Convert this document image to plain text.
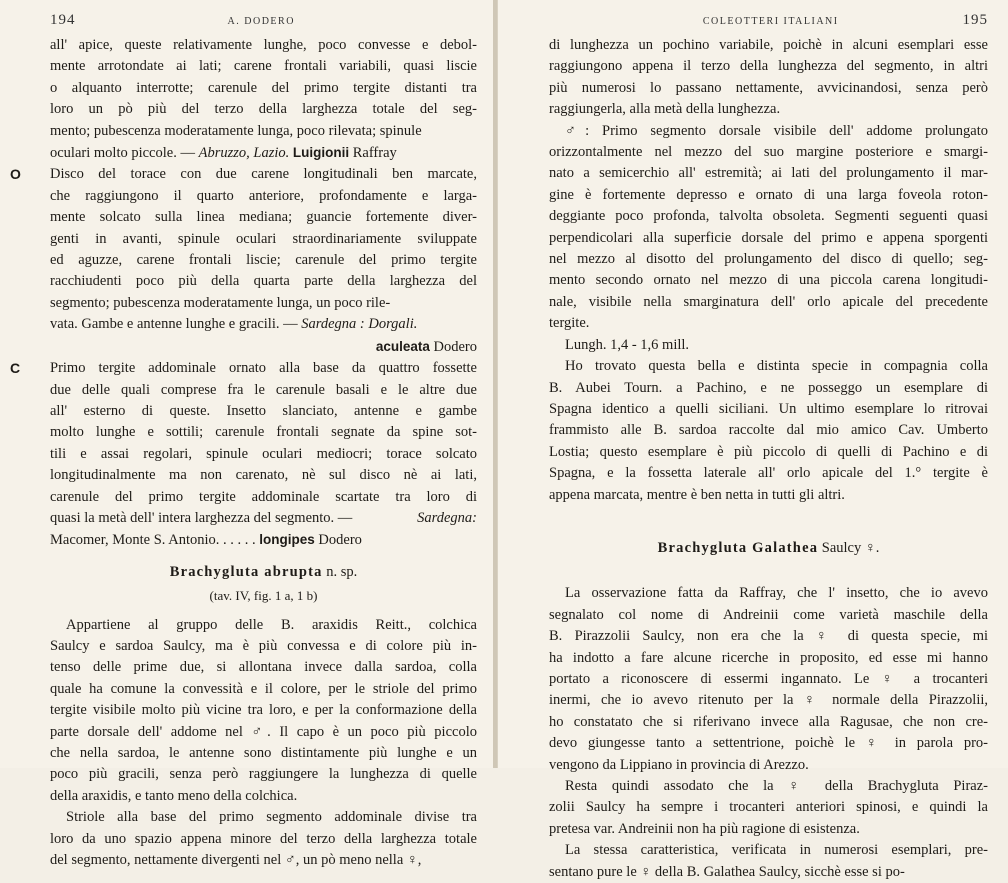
194	A. DODERO

all' apice, queste relativamente lunghe, poco convesse e debol-

mente arrotondate ai lati; carene frontali variabili, quasi liscie

o alquanto interrotte; carenule del primo tergite distanti tra

loro un pò più del terzo della larghezza totale del seg-

mento; pubescenza moderatamente lunga, poco rilevata; spinule

oculari molto piccole. — Abruzzo, Lazio. Luigionii Raffray

O Disco del torace con due carene longitudinali ben marcate,

che raggiungono il quarto anteriore, profondamente e larga-

mente solcato sulla linea mediana; guancie fortemente diver-

genti in avanti, spinule oculari straordinariamente sviluppate

ed aguzze, carene frontali liscie; carenule del primo tergite

racchiudenti poco più della quarta parte della larghezza del

segmento; pubescenza moderatamente lunga, un poco rile-

vata. Gambe e antenne lunghe e gracili. — Sardegna : Dorgali.

aculeata Dodero

C Primo tergite addominale ornato alla base da quattro fossette

due delle quali comprese fra le carenule basali e le altre due

all' esterno di queste. Insetto slanciato, antenne e gambe

molto lunghe e sottili; carenule frontali segnate da spine sot-

tili e assai regolari, spinule oculari mediocri; torace solcato

longitudinalmente ma non carenato, nè sul disco nè ai lati,

carenule del primo tergite addominale scartate tra loro di

quasi la metà dell' intera larghezza del segmento. —	Sardegna:

Macomer, Monte S. Antonio. . . . . . longipes Dodero

Brachygluta abrupta n. sp.
(tav. IV, fig. 1 a, 1 b)

Appartiene al gruppo delle B. araxidis Reitt., colchica

Saulcy e sardoa Saulcy, ma è più convessa e di colore più in-

tenso delle prime due, si allontana invece dalla sardoa, colla

quale ha comune la convessità e il colore, per le striole del primo

tergite visibile molto più vicine tra loro, e per la conformazione della

parte dorsale dell' addome nel ♂. Il capo è un poco più piccolo

che nella sardoa, le antenne sono distintamente più lunghe e un

poco più gracili, senza però raggiungere la lunghezza di quelle

della araxidis, e tanto meno della colchica.

Striole alla base del primo segmento addominale divise tra

loro da uno spazio appena minore del terzo della larghezza totale

del segmento, nettamente divergenti nel ♂, un pò meno nella ♀,

COLEOTTERI ITALIANI	195

di lunghezza un pochino variabile, poichè in alcuni esemplari esse

raggiungono appena il terzo della lunghezza del segmento, in altri

più numerosi lo passano nettamente, avvicinandosi, senza però

raggiungerla, alla metà della lunghezza.

♂: Primo segmento dorsale visibile dell' addome prolungato

orizzontalmente nel mezzo del suo margine posteriore e smargi-

nato a semicerchio all' estremità; ai lati del prolungamento il mar-

gine è fortemente depresso e ornato di una larga foveola roton-

deggiante poco profonda, talvolta obsoleta. Segmenti seguenti quasi

perpendicolari alla superficie dorsale del primo e appena sporgenti

nel mezzo al disotto del prolungamento del disco di quello; seg-

mento secondo ornato nel mezzo di una piccola carena longitudi-

nale, visibile nella smarginatura dell' orlo apicale del precedente

tergite.

Lungh. 1,4 - 1,6 mill.

Ho trovato questa bella e distinta specie in compagnia colla

B. Aubei Tourn. a Pachino, e ne posseggo un esemplare di

Spagna identico a quelli siciliani. Un ultimo esemplare lo ritrovai

frammisto alle B. sardoa raccolte dal mio amico Cav. Umberto

Lostia; questo esemplare è più piccolo di quelli di Pachino e di

Spagna, e la fossetta laterale all' orlo apicale del 1.° tergite è

appena marcata, mentre è ben netta in tutti gli altri.

Brachygluta Galathea Saulcy ♀.

La osservazione fatta da Raffray, che l' insetto, che io avevo

segnalato col nome di Andreinii come varietà maschile della

B. Pirazzolii Saulcy, non era che la ♀ di questa specie, mi

ha indotto a fare alcune ricerche in proposito, ed esse mi hanno

portato a riconoscere di essermi ingannato. Le ♀ a trocanteri

inermi, che io avevo ritenuto per la ♀ normale della Pirazzolii,

ho constatato che si riferivano invece alla Ragusae, che non cre-

devo giungesse tanto a settentrione, poichè le ♀ in parola pro-

vengono da Lippiano in provincia di Arezzo.

Resta quindi assodato che la ♀ della Brachygluta Piraz-

zolii Saulcy ha sempre i trocanteri anteriori spinosi, e quindi la

pretesa var. Andreinii non ha più ragione di esistenza.

La stessa caratteristica, verificata in numerosi esemplari, pre-

sentano pure le ♀ della B. Galathea Saulcy, sicchè esse si po-
